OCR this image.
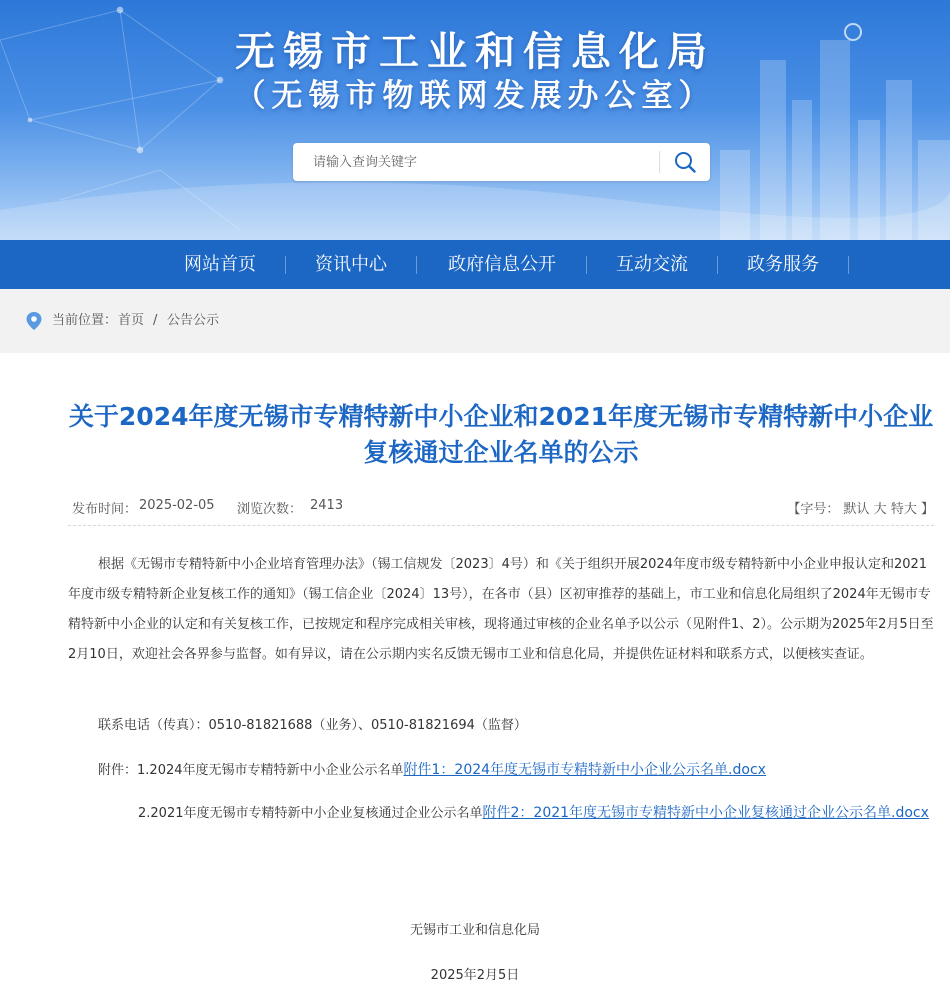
无锡市工业和信息化局
（无锡市物联网发展办公室）
请输入查询关键字
网站首页	资讯中心	政府信息公开	互动交流	政务服务
当前位置： 首页 / 公告公示
关于2024年度无锡市专精特新中小企业和2021年度无锡市专精特新中小企业复核通过企业名单的公示
发布时间： 2025-02-05 浏览次数： 2413	【字号： 默认 大 特大 】
根据《无锡市专精特新中小企业培育管理办法》（锡工信规发〔2023〕4号）和《关于组织开展2024年度市级专精特新中小企业申报认定和2021年度市级专精特新企业复核工作的通知》（锡工信企业〔2024〕13号），在各市（县）区初审推荐的基础上，市工业和信息化局组织了2024年无锡市专精特新中小企业的认定和有关复核工作，已按规定和程序完成相关审核，现将通过审核的企业名单予以公示（见附件1、2）。公示期为2025年2月5日至2月10日，欢迎社会各界参与监督。如有异议，请在公示期内实名反馈无锡市工业和信息化局，并提供佐证材料和联系方式，以便核实查证。
联系电话（传真）：0510-81821688（业务）、0510-81821694（监督）
附件：1.2024年度无锡市专精特新中小企业公示名单附件1：2024年度无锡市专精特新中小企业公示名单.docx
2.2021年度无锡市专精特新中小企业复核通过企业公示名单附件2：2021年度无锡市专精特新中小企业复核通过企业公示名单.docx
无锡市工业和信息化局
2025年2月5日
